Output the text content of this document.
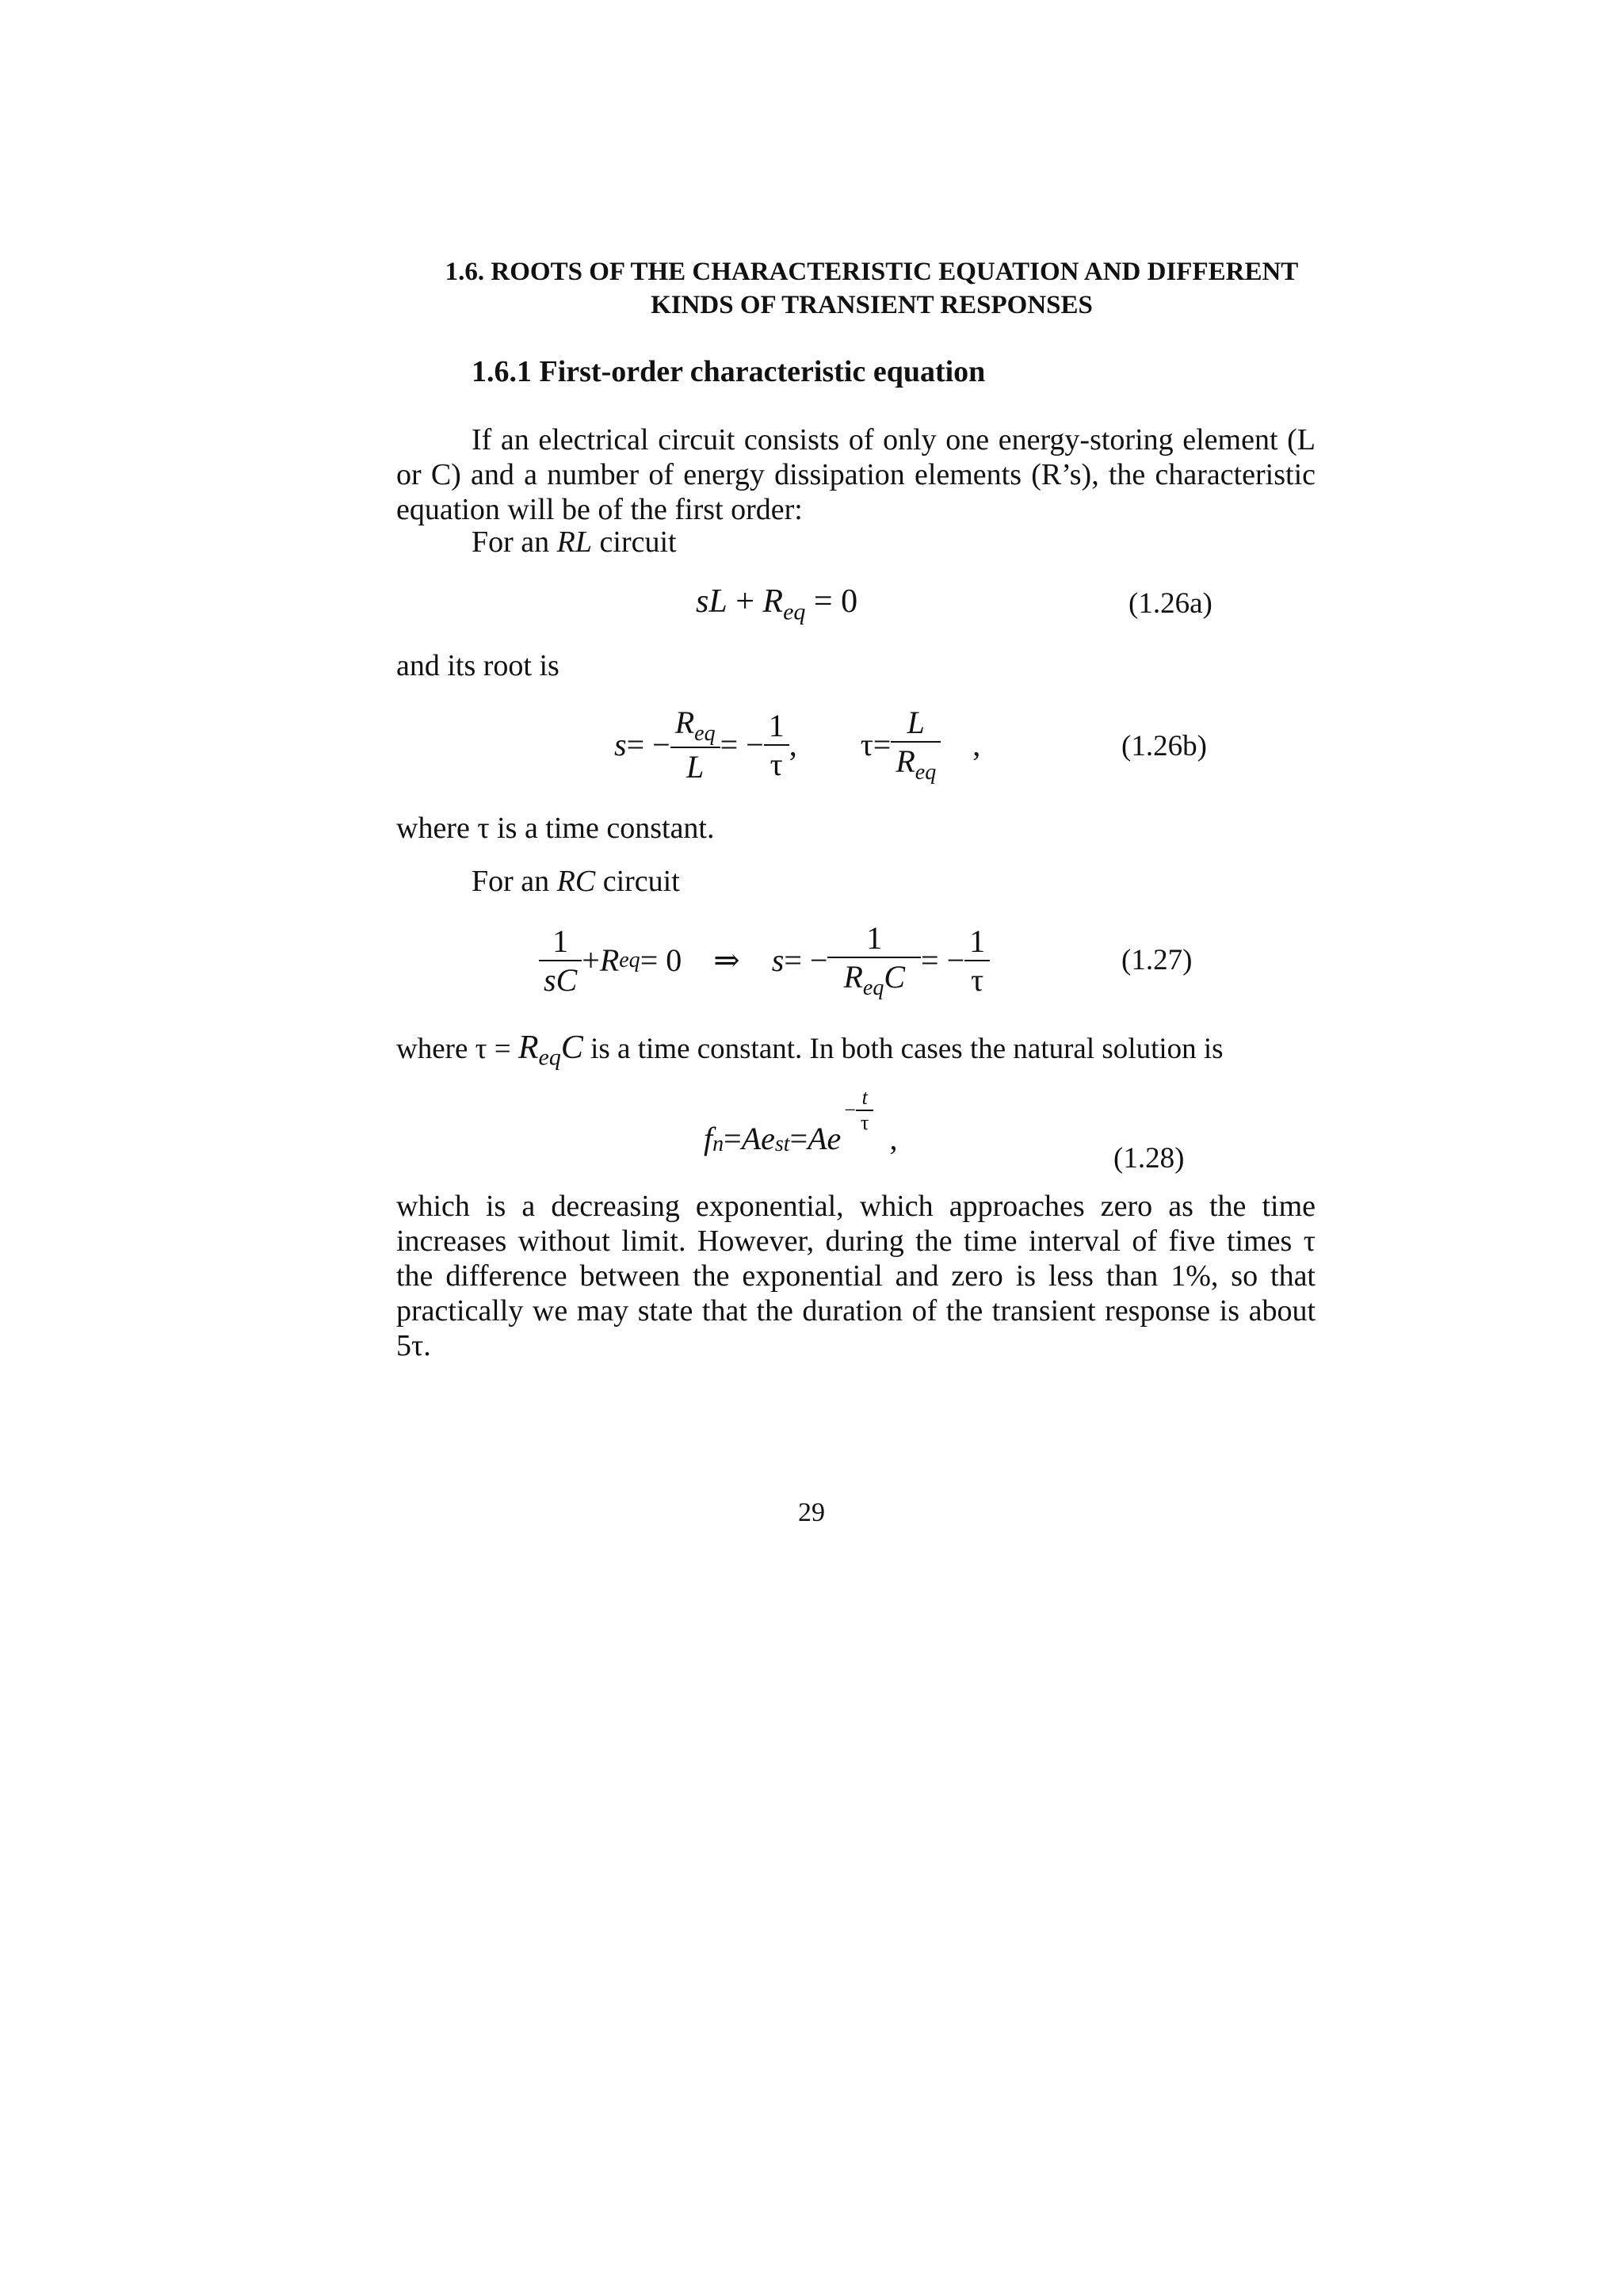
1.6. ROOTS OF THE CHARACTERISTIC EQUATION AND DIFFERENT
KINDS OF TRANSIENT RESPONSES
1.6.1 First-order characteristic equation
If an electrical circuit consists of only one energy-storing element (L or C) and a number of energy dissipation elements (R’s), the characteristic equation will be of the first order:
For an RL circuit
sL + $R_{eq} = 0$	(1.26a)
and its root is
s = − $\frac{R_{eq}}{L}$ = − $\frac{1}{\tau}$ , $\tau = \frac{L}{R_{eq}}$ ,	(1.26b)
where τ is a time constant.
For an RC circuit
$\frac{1}{sC} + R$ eq = 0 ⇒ s = − $\frac{1}{R_{eq}C}$ = − $\frac{1}{\tau}$	(1.27)
where $\tau = R_{eq}C$ is a time constant. In both cases the natural solution is
f n = Ae st = Ae
− $\frac{t}{\tau}$
,
(1.28)
which is a decreasing exponential, which approaches zero as the time increases without limit. However, during the time interval of five times τ the difference between the exponential and zero is less than 1%, so that practically we may state that the duration of the transient response is about 5τ.
29
